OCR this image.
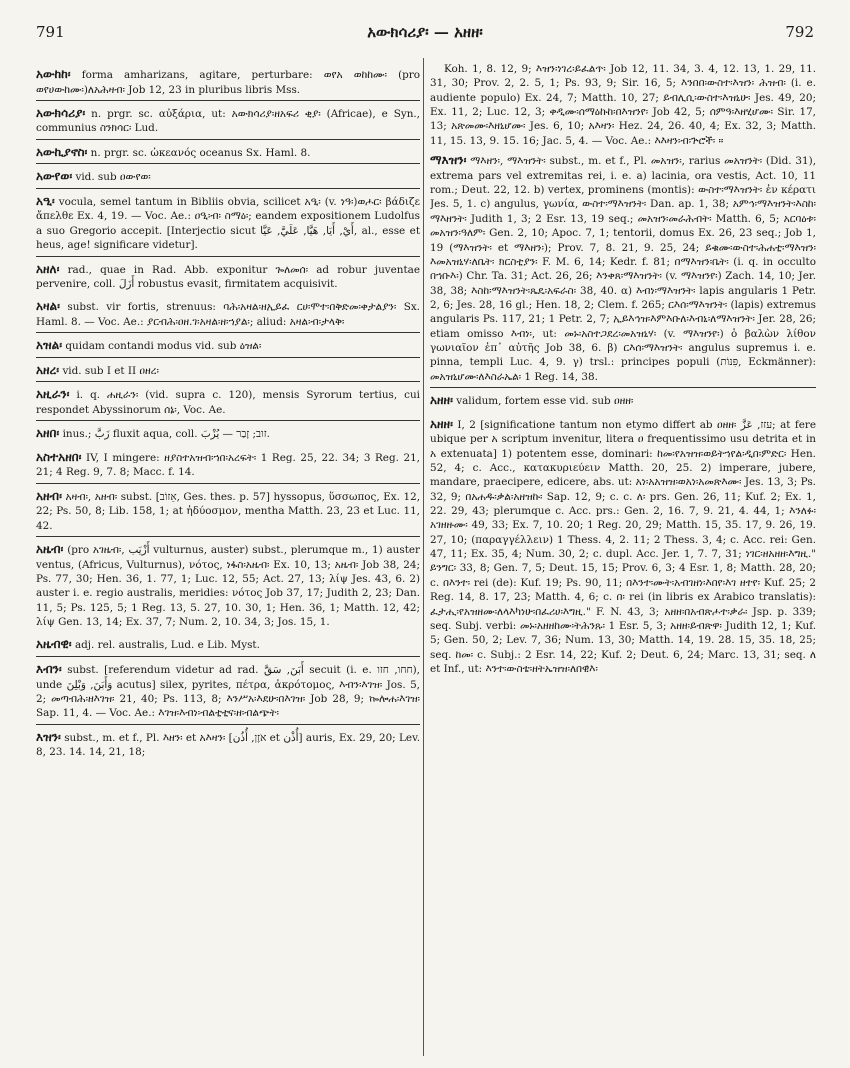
791	አውክሳሪያ፡ — አዘዘ፡	792
አውከከ፡ forma amharizans, agitare, perturbare: ወየአ ወከከሙ፡ (pro ወየሀውከሙ፡)ለአሕዛብ፡ Job 12, 23 in pluribus libris Mss.
አውክሳሪያ፡ n. prgr. sc. αὐξάρια, ut: አውክሳሪያ፡ዘአፍሪ ቂያ፡ (Africae), e Syn., communius ስንክሳር፡ Lud.
አውኪያኖስ፡ n. prgr. sc. ὠκεανός oceanus Sx. Haml. 8.
አውየወ፡ vid. sub ዐውየወ፡
አዒ፡ vocula, semel tantum in Bibliis obvia, scilicet አዒ፡ (v. ነዓ፡)ወሖር፡ βάδιζε ἄπελθε Ex. 4, 19. — Voc. Ae.: ዐዒ፡ብ፡ ስማዕ፡; eandem expositionem Ludolfus a suo Gregorio accepit. [Interjectio sicut أَيْ, أَيَا, هَيَّا, عَلَيَّ, عَيَّا, al., esse et heus, age! significare videtur].
አዘለ፡ rad., quae in Rad. Abb. exponitur ጐለመሰ፡ ad robur juventae pervenire, coll. أَزَلَ robustus evasit, firmitatem acquisivit.
አዛል፡ subst. vir fortis, strenuus: ባሕ፡አዛል፡ዘኢይፈ ርሀ፡ሞተ፡በቅድመ፡ቀታልያን፡ Sx. Haml. 8. — Voc. Ae.: ያርብሕ፡ዐዘ.ገ፡አዛል፡ዘ፡ኀያል፡; aliud: አዛል፡ብ፡ታላቅ፡
አዝል፡ quidam contandi modus vid. sub ዕዝል፡
አዘረ፡ vid. sub I et II ዐዘረ፡
አዚራን፡ i. q. ሐዚራን፡ (vid. supra c. 120), mensis Syrorum tertius, cui respondet Abyssinorum ሰኔ፡, Voc. Ae.
አዘበ፡ inus.; زَبَّ fluxit aqua, coll. זוב; זָבַר — يُزْبَ.
አስተአዘበ፡ IV, I mingere: ዘያስተአዝብ፡ኀበ፡አረፍት፡ 1 Reg. 25, 22. 34; 3 Reg. 21, 21; 4 Reg. 9, 7. 8; Macc. f. 14.
አዘብ፡ አዛብ፡, አዘብ፡ subst. [אֵזוֹב, Ges. thes. p. 57] hyssopus, ὕσσωπος, Ex. 12, 22; Ps. 50, 8; Lib. 158, 1; at ἡδύοσμον, mentha Matth. 23, 23 et Luc. 11, 42.
አዜብ፡ (pro አገዜብ፡, أَزْيَب vulturnus, auster) subst., plerumque m., 1) auster ventus, (Africus, Vulturnus), νότος, ነፋስ፡አዜብ፡ Ex. 10, 13; አዜብ፡ Job 38, 24; Ps. 77, 30; Hen. 36, 1. 77, 1; Luc. 12, 55; Act. 27, 13; λίψ Jes. 43, 6. 2) auster i. e. regio australis, meridies: νότος Job 37, 17; Judith 2, 23; Dan. 11, 5; Ps. 125, 5; 1 Reg. 13, 5. 27, 10. 30, 1; Hen. 36, 1; Matth. 12, 42; λίψ Gen. 13, 14; Ex. 37, 7; Num. 2, 10. 34, 3; Jos. 15, 1.
አዜብዊ፡ adj. rel. australis, Lud. e Lib. Myst.
እብን፡ subst. [referendum videtur ad rad. أَبَنَ, سَقَّ secuit (i. e. חחו, חזו), unde وَأَبَنَ, وَبْلِنَ acutus] silex, pyrites, πέτρα, ἀκρότομος, እብን፡እገዝ፡ Jos. 5, 2; መጣብሕ፡ዘእገዝ፡ 21, 40; Ps. 113, 8; እንሥአ፡እደሁ፡በእገዝ፡ Job 28, 9; ኰሎሐ፡እገዝ፡ Sap. 11, 4. — Voc. Ae.: እገዝ፡እብነ፡ብልቲቲና፡ዘ፡ብልጭት፡
እዝን፡ subst., m. et f., Pl. እዘን፡ et አእዛን፡ [אֹזֶן, أُذُن et أُذْن] auris, Ex. 29, 20; Lev. 8, 23. 14. 14, 21, 18;

Koh. 1, 8. 12, 9; እዝን፡ነገረ፡ይፈልጥ፡ Job 12, 11. 34, 3. 4, 12. 13, 1. 29, 11. 31, 30; Prov. 2, 2. 5, 1; Ps. 93, 9; Sir. 16, 5; እንበበ፡ውስተ፡እዝን፡ ሕዝብ፡ (i. e. audiente populo) Ex. 24, 7; Matth. 10, 27; ይብሊሲ፡ውስተ፡እዝኒሁ፡ Jes. 49, 20; Ex. 11, 2; Luc. 12, 3; ቀዲሙ፡ሰማዕኩከ፡በእዝንየ፡ Job 42, 5; ሰምዓ፡እዘሂሆሙ፡ Sir. 17, 13; አጽመሙ፡እዘኒሆሙ፡ Jes. 6, 10; አእዛን፡ Hez. 24, 26. 40, 4; Ex. 32, 3; Matth. 11, 15. 13, 9. 15. 16; Jac. 5, 4. — Voc. Ae.: እእዛን፡ብ፡ጕሮች፡ ።

ማእዝን፡ ማእዘን፡, ማእዝንት፡ subst., m. et f., Pl. መአዝን፡, rarius መአዝንት፡ (Did. 31), extrema pars vel extremitas rei, i. e. a) lacinia, ora vestis, Act. 10, 11 rom.; Deut. 22, 12. b) vertex, prominens (montis): ውስተ፡ማእዝንት፡ ἐν κέρατι Jes. 5, 1. c) angulus, γωνία, ውስተ፡ማእዝንት፡ Dan. ap. 1, 38; አምኅ፡ማእዝንት፡እስከ፡ማእዘንት፡ Judith 1, 3; 2 Esr. 13, 19 seq.; መአዝን፡መራሕብት፡ Matth. 6, 5; አርባዕቱ፡መአዝን፡ዓለም፡ Gen. 2, 10; Apoc. 7, 1; tentorii, domus Ex. 26, 23 seq.; Job 1, 19 (ማእዝንት፡ et ማእዘን፡); Prov. 7, 8. 21, 9. 25, 24; ይቁሙ፡ውስተ፡ሕሐቲ፡ማእዝን፡እመአዝኒሃ፡ለቤት፡ ክርስቲያን፡ F. M. 6, 14; Kedr. f. 81; በማእዝን፡ቤት፡ (i. q. in occulto በኀቡእ፡) Chr. Ta. 31; Act. 26, 26; እንቀጸ፡ማእዝንት፡ (v. ማእዝንየ፡) Zach. 14, 10; Jer. 38, 38; እስከ፡ማእዝንት፡ጼዴ፡አፍራስ፡ 38, 40. α) እብነ፡ማእዝንት፡ lapis angularis 1 Petr. 2, 6; Jes. 28, 16 gl.; Hen. 18, 2; Clem. f. 265; ርእሰ፡ማእዝንት፡ (lapis) extremus angularis Ps. 117, 21; 1 Petr. 2, 7; ኢይእኅዝ፡እምእቡለ፡እብኒ፡ለማእዝንት፡ Jer. 28, 26; etiam omisso እብነ፡, ut: መኑ፡አስተጋደረ፡መአዝኒሃ፡ (v. ማእዝንየ፡) ὁ βαλὼν λίθον γωνιαῖον ἐπ᾽ αὐτῆς Job 38, 6. β) ርእሰ፡ማእዝንት፡ angulus supremus i. e. pinna, templi Luc. 4, 9. γ) trsl.: principes populi (פִּנּוֹת, Eckmänner): መአዝኒሆሙ፡ለእስራኤል፡ 1 Reg. 14, 38.
አዘዘ፡ validum, fortem esse vid. sub ዐዘዘ፡
አዘዘ፡ I, 2 [significatione tantum non etymo differt ab ዐዘዘ፡ עזז, عَزَّ; at fere ubique per አ scriptum invenitur, litera ዐ frequentissimo usu detrita et in አ extenuata] 1) potentem esse, dominari: ከመ፡የአዝዝ፡ወይትኀየል፡ዲበ፡ምድር፡ Hen. 52, 4; c. Acc., κατακυριεύειν Matth. 20, 25. 2) imperare, jubere, mandare, praecipere, edicere, abs. ut: አነ፡አአዝዝ፡ወአነ፡አመጽእሙ፡ Jes. 13, 3; Ps. 32, 9; በአሐዱ፡ቃል፡አዘዝኩ፡ Sap. 12, 9; c. c. ለ፡ prs. Gen. 26, 11; Kuf. 2; Ex. 1, 22. 29, 43; plerumque c. Acc. prs.: Gen. 2, 16. 7, 9. 21, 4. 44, 1; እንለፉ፡አገዘዙሙ፡ 49, 33; Ex. 7, 10. 20; 1 Reg. 20, 29; Matth. 15, 35. 17, 9. 26, 19. 27, 10; (παραγγέλλειν) 1 Thess. 4, 2. 11; 2 Thess. 3, 4; c. Acc. rei: Gen. 47, 11; Ex. 35, 4; Num. 30, 2; c. dupl. Acc. Jer. 1, 7. 7, 31; ነገር፡ዘአዘዘ፡እግዚ." ይንግር፡ 33, 8; Gen. 7, 5; Deut. 15, 15; Prov. 6, 3; 4 Esr. 1, 8; Matth. 28, 20; c. በእንተ፡ rei (de): Kuf. 19; Ps. 90, 11; በእንተ፡ሙት፡አብገዘነ፡እበየ፡እገ ዘተየ፡ Kuf. 25; 2 Reg. 14, 8. 17, 23; Matth. 4, 6; c. በ፡ rei (in libris ex Arabico translatis): ፈታሒ፡የአዝዘሙ፡ለላእካነሁ፡በፈሪሀ፡እግዚ." F. N. 43, 3; አዘዘ፡በአብጽሖተ፡ቃራ፡ Jsp. p. 339; seq. Subj. verbi: መኑ፡አዘዘከሙ፡ትሕንጹ፡ 1 Esr. 5, 3; አዘዘ፡ይብጽዋ፡ Judith 12, 1; Kuf. 5; Gen. 50, 2; Lev. 7, 36; Num. 13, 30; Matth. 14, 19. 28. 15, 35. 18, 25; seq. ከመ፡ c. Subj.: 2 Esr. 14, 22; Kuf. 2; Deut. 6, 24; Marc. 13, 31; seq. ለ et Inf., ut: እንተ፡ውስቴ፡ዘትኤዝዝ፡ለበዊእ፡
